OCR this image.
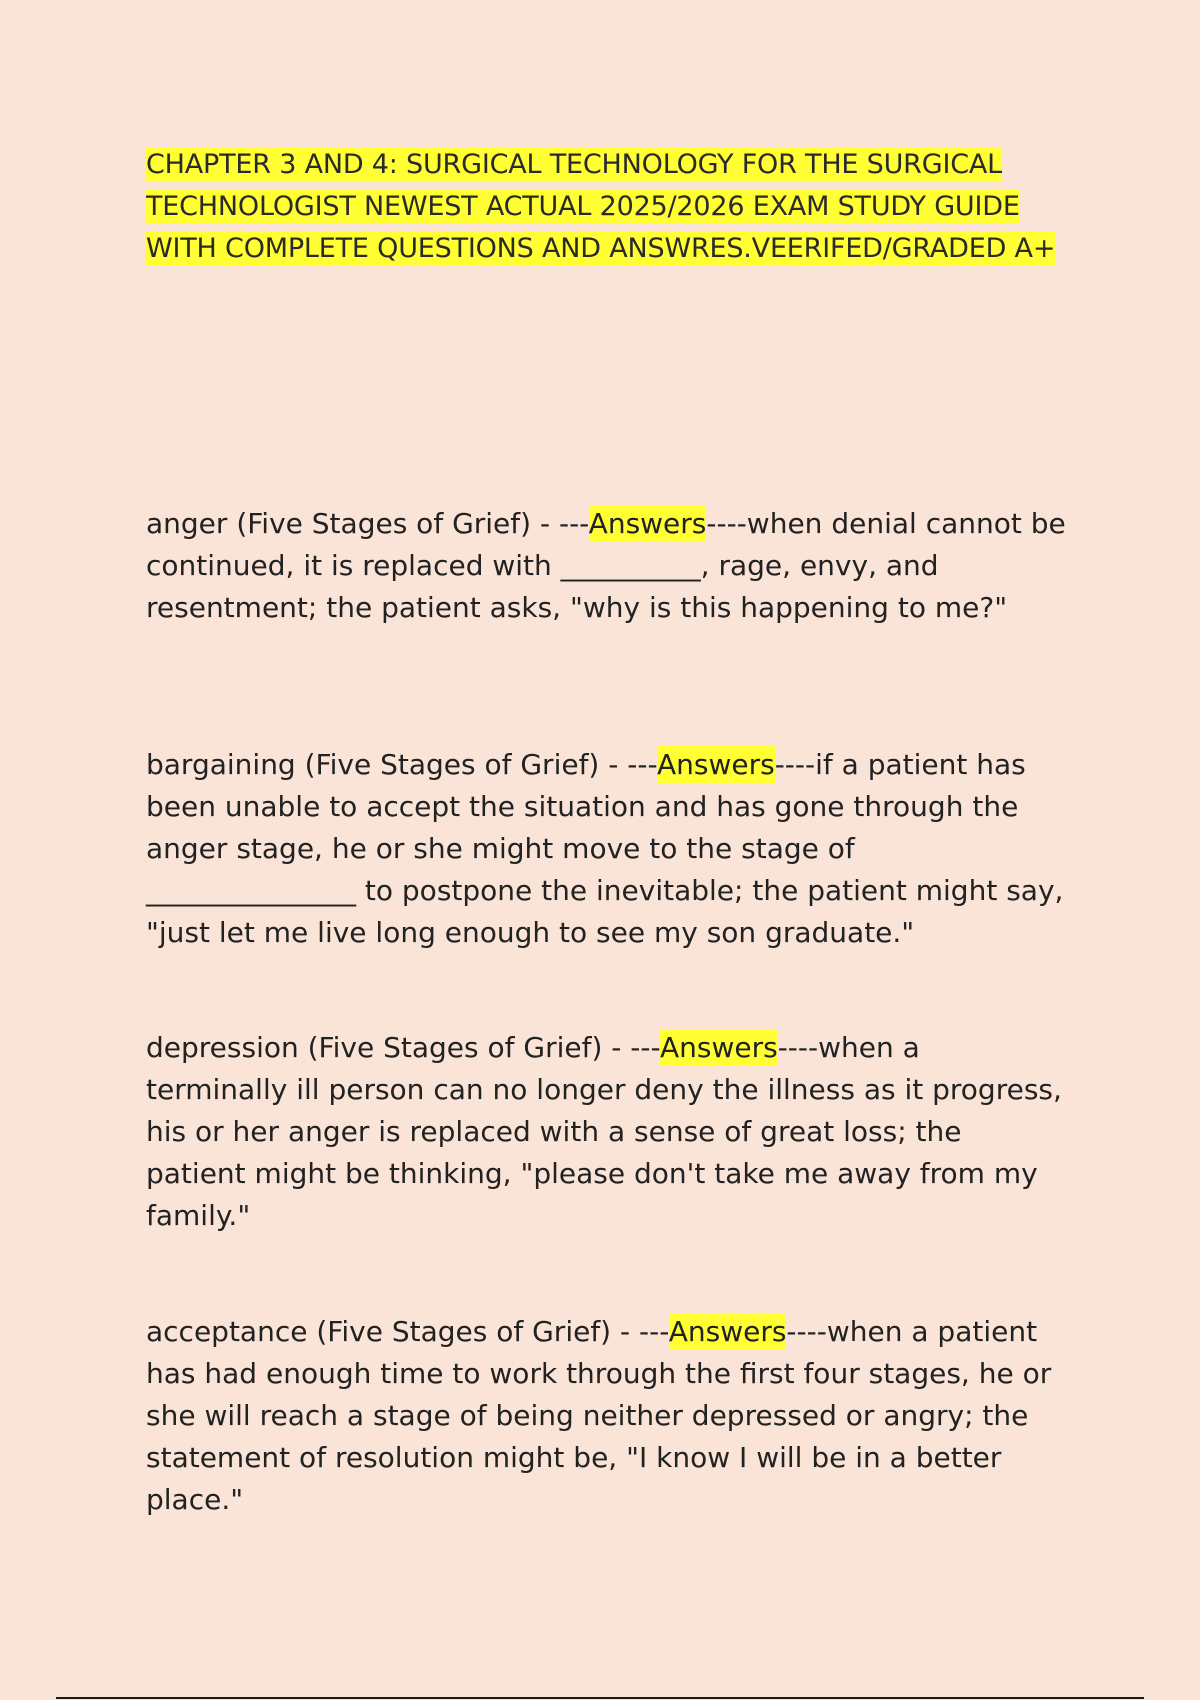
CHAPTER 3 AND 4: SURGICAL TECHNOLOGY FOR THE SURGICAL TECHNOLOGIST NEWEST ACTUAL 2025/2026 EXAM STUDY GUIDE WITH COMPLETE QUESTIONS AND ANSWRES.VEERIFED/GRADED A+
anger (Five Stages of Grief) - ---Answers----when denial cannot be continued, it is replaced with __________, rage, envy, and resentment; the patient asks, "why is this happening to me?"
bargaining (Five Stages of Grief) - ---Answers----if a patient has been unable to accept the situation and has gone through the anger stage, he or she might move to the stage of _______________ to postpone the inevitable; the patient might say, "just let me live long enough to see my son graduate."
depression (Five Stages of Grief) - ---Answers----when a terminally ill person can no longer deny the illness as it progress, his or her anger is replaced with a sense of great loss; the patient might be thinking, "please don't take me away from my family."
acceptance (Five Stages of Grief) - ---Answers----when a patient has had enough time to work through the first four stages, he or she will reach a stage of being neither depressed or angry; the statement of resolution might be, "I know I will be in a better place."
